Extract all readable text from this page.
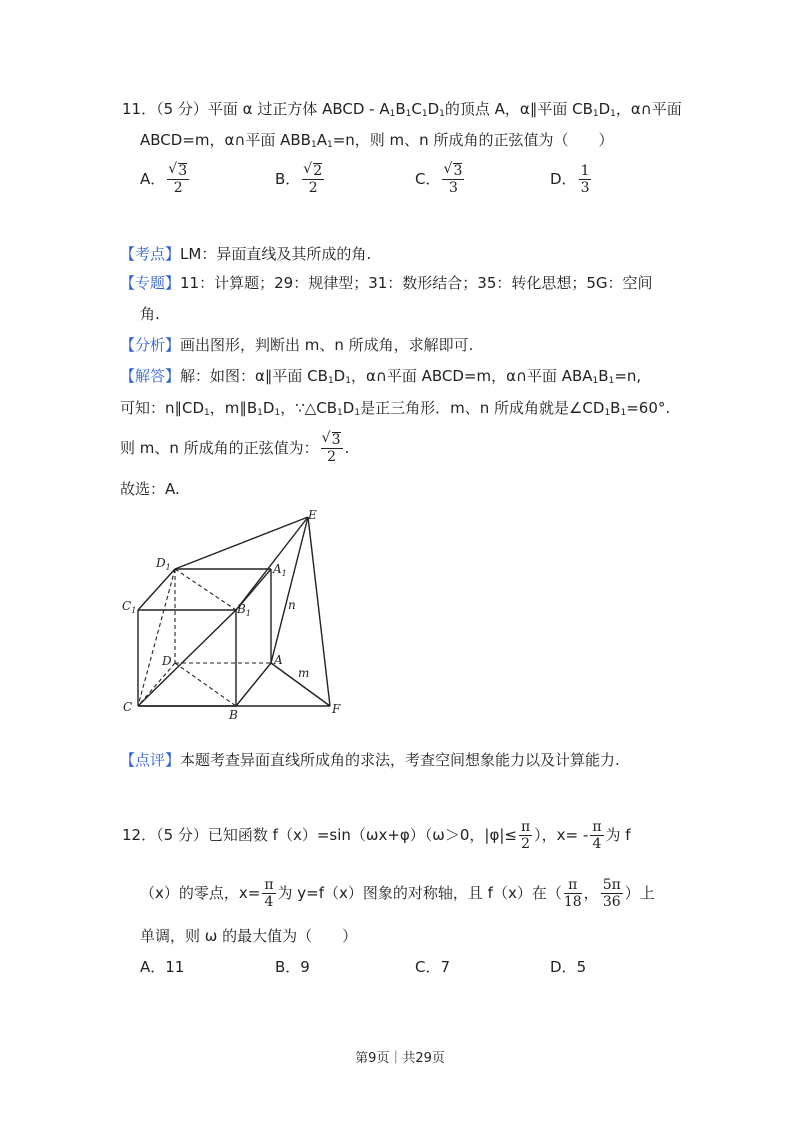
11．（5 分）平面 α 过正方体 ABCD - $A_1B_1C_1D_1$的顶点 A，α∥平面 $CB_1D_1$，α∩平面
ABCD=m，α∩平面 $ABB_1A_1=n$，则 m、n 所成角的正弦值为（　　）
A． √ $\frac{3}{2}$	B． √ $\frac{2}{2}$	C． √ $\frac{3}{3}$	D． $\frac{1}{3}$
【考点】LM：异面直线及其所成的角.
【专题】11：计算题；29：规律型；31：数形结合；35：转化思想；5G：空间
角.
【分析】画出图形，判断出 m、n 所成角，求解即可.
【解答】解：如图：α∥平面 $CB_1D_1$，α∩平面 ABCD=m，α∩平面 $ABA_1B_1=n$,
可知：$n\parallel CD_1$，$m\parallel B_1D_1$，$\because\triangle CB_1D_1$是正三角形．m、n 所成角就是$\angle CD_1B_1=60^\circ$.
则 m、n 所成角的正弦值为： √ $\frac{3}{2}$ .
故选：A.
E
$D_1$	$A_1$
$C_1$	$B_1$
D	A
n
m
C
B	F
【点评】本题考查异面直线所成角的求法，考查空间想象能力以及计算能力.
12．（5 分）已知函数 f（x）=sin（ωx+φ）（ω＞0，$|\varphi|\le \frac{\pi}{2}$ ），$x= - \frac{\pi}{4}$ 为 f
（x）的零点，$x= \frac{\pi}{4}$ 为 y=f（x）图象的对称轴，且 f（x）在（ $\frac{\pi}{18}$ ， $\frac{5\pi}{36}$ ）上
单调，则 ω 的最大值为（　　）
A．11	B．9	C．7	D．5
第9页｜共29页
